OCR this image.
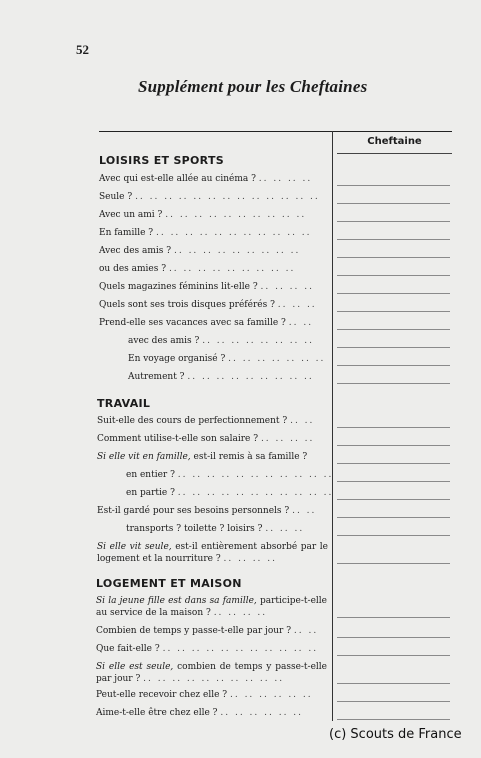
52
Supplément pour les Cheftaines
Cheftaine
LOISIRS ET SPORTS
Avec qui est-elle allée au cinéma ? .. .. .. ..
Seule ? .. .. .. .. .. .. .. .. .. .. .. .. ..
Avec un ami ? .. .. .. .. .. .. .. .. .. ..
En famille ? .. .. .. .. .. .. .. .. .. .. ..
Avec des amis ? .. .. .. .. .. .. .. .. ..
ou des amies ? .. .. .. .. .. .. .. .. ..
Quels magazines féminins lit-elle ? .. .. .. ..
Quels sont ses trois disques préférés ? .. .. ..
Prend-elle ses vacances avec sa famille ? .. ..
avec des amis ? .. .. .. .. .. .. .. ..
En voyage organisé ? .. .. .. .. .. .. ..
Autrement ? .. .. .. .. .. .. .. .. ..
TRAVAIL
Suit-elle des cours de perfectionnement ? .. ..
Comment utilise-t-elle son salaire ? .. .. .. ..
Si elle vit en famille, est-il remis à sa famille ?
en entier ? .. .. .. .. .. .. .. .. .. .. ..
en partie ? .. .. .. .. .. .. .. .. .. .. ..
Est-il gardé pour ses besoins personnels ? .. ..
transports ? toilette ? loisirs ? .. .. ..
Si elle vit seule, est-il entièrement absorbé par le logement et la nourriture ? .. .. .. ..
LOGEMENT ET MAISON
Si la jeune fille est dans sa famille, participe-t-elle au service de la maison ? .. .. .. ..
Combien de temps y passe-t-elle par jour ? .. ..
Que fait-elle ? .. .. .. .. .. .. .. .. .. .. ..
Si elle est seule, combien de temps y passe-t-elle par jour ? .. .. .. .. .. .. .. .. .. ..
Peut-elle recevoir chez elle ? .. .. .. .. .. ..
Aime-t-elle être chez elle ? .. .. .. .. .. ..
(c) Scouts de France
